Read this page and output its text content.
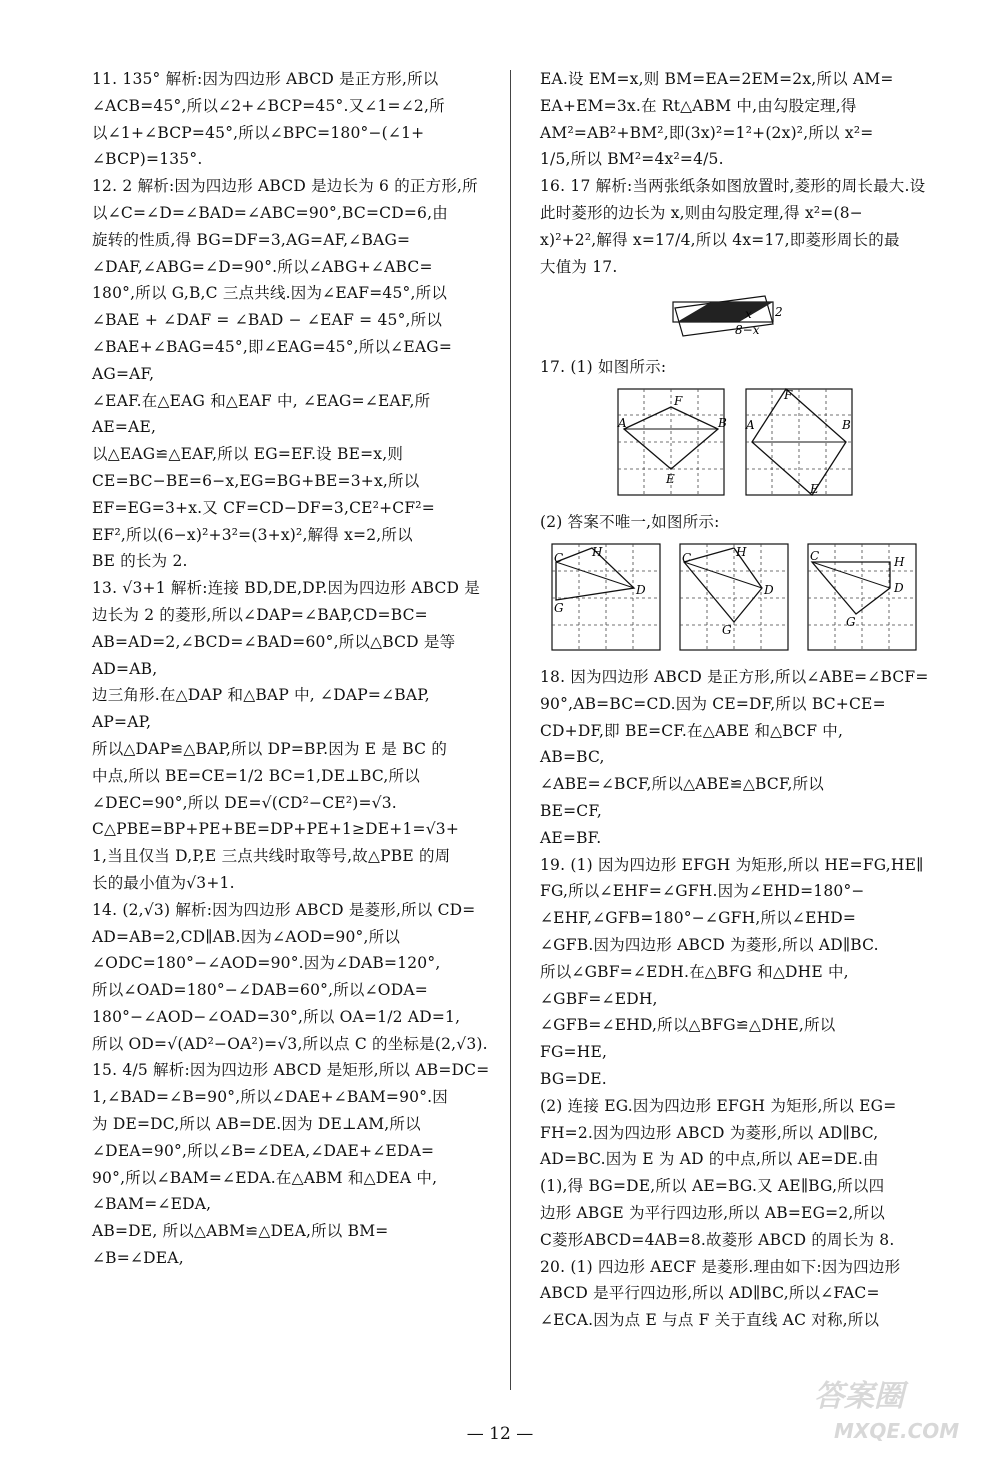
11. 135° 解析:因为四边形 ABCD 是正方形,所以
∠ACB=45°,所以∠2+∠BCP=45°.又∠1=∠2,所
以∠1+∠BCP=45°,所以∠BPC=180°−(∠1+
∠BCP)=135°.
12. 2 解析:因为四边形 ABCD 是边长为 6 的正方形,所
以∠C=∠D=∠BAD=∠ABC=90°,BC=CD=6,由
旋转的性质,得 BG=DF=3,AG=AF,∠BAG=
∠DAF,∠ABG=∠D=90°.所以∠ABG+∠ABC=
180°,所以 G,B,C 三点共线.因为∠EAF=45°,所以
∠BAE + ∠DAF = ∠BAD − ∠EAF = 45°,所以
∠BAE+∠BAG=45°,即∠EAG=45°,所以∠EAG=
AG=AF,
∠EAF.在△EAG 和△EAF 中, ∠EAG=∠EAF,所
AE=AE,
以△EAG≌△EAF,所以 EG=EF.设 BE=x,则
CE=BC−BE=6−x,EG=BG+BE=3+x,所以
EF=EG=3+x.又 CF=CD−DF=3,CE²+CF²=
EF²,所以(6−x)²+3²=(3+x)²,解得 x=2,所以
BE 的长为 2.
13. √3+1 解析:连接 BD,DE,DP.因为四边形 ABCD 是
边长为 2 的菱形,所以∠DAP=∠BAP,CD=BC=
AB=AD=2,∠BCD=∠BAD=60°,所以△BCD 是等
AD=AB,
边三角形.在△DAP 和△BAP 中, ∠DAP=∠BAP,
AP=AP,
所以△DAP≌△BAP,所以 DP=BP.因为 E 是 BC 的
中点,所以 BE=CE=1/2 BC=1,DE⊥BC,所以
∠DEC=90°,所以 DE=√(CD²−CE²)=√3.
C△PBE=BP+PE+BE=DP+PE+1≥DE+1=√3+
1,当且仅当 D,P,E 三点共线时取等号,故△PBE 的周
长的最小值为√3+1.
14. (2,√3) 解析:因为四边形 ABCD 是菱形,所以 CD=
AD=AB=2,CD∥AB.因为∠AOD=90°,所以
∠ODC=180°−∠AOD=90°.因为∠DAB=120°,
所以∠OAD=180°−∠DAB=60°,所以∠ODA=
180°−∠AOD−∠OAD=30°,所以 OA=1/2 AD=1,
所以 OD=√(AD²−OA²)=√3,所以点 C 的坐标是(2,√3).
15. 4/5 解析:因为四边形 ABCD 是矩形,所以 AB=DC=
1,∠BAD=∠B=90°,所以∠DAE+∠BAM=90°.因
为 DE=DC,所以 AB=DE.因为 DE⊥AM,所以
∠DEA=90°,所以∠B=∠DEA,∠DAE+∠EDA=
90°,所以∠BAM=∠EDA.在△ABM 和△DEA 中,
∠BAM=∠EDA,
AB=DE, 所以△ABM≌△DEA,所以 BM=
∠B=∠DEA,
EA.设 EM=x,则 BM=EA=2EM=2x,所以 AM=
EA+EM=3x.在 Rt△ABM 中,由勾股定理,得
AM²=AB²+BM²,即(3x)²=1²+(2x)²,所以 x²=
1/5,所以 BM²=4x²=4/5.
16. 17 解析:当两张纸条如图放置时,菱形的周长最大.设
此时菱形的边长为 x,则由勾股定理,得 x²=(8−
x)²+2²,解得 x=17/4,所以 4x=17,即菱形周长的最
大值为 17.
x
8−x
2
17. (1) 如图所示:
A	B
E
F
A	B
E
F
(2) 答案不唯一,如图所示:
C H
D
G
C	H
D
G
C	H
D
G
18. 因为四边形 ABCD 是正方形,所以∠ABE=∠BCF=
90°,AB=BC=CD.因为 CE=DF,所以 BC+CE=
CD+DF,即 BE=CF.在△ABE 和△BCF 中,
AB=BC,
∠ABE=∠BCF,所以△ABE≌△BCF,所以
BE=CF,
AE=BF.
19. (1) 因为四边形 EFGH 为矩形,所以 HE=FG,HE∥
FG,所以∠EHF=∠GFH.因为∠EHD=180°−
∠EHF,∠GFB=180°−∠GFH,所以∠EHD=
∠GFB.因为四边形 ABCD 为菱形,所以 AD∥BC.
所以∠GBF=∠EDH.在△BFG 和△DHE 中,
∠GBF=∠EDH,
∠GFB=∠EHD,所以△BFG≌△DHE,所以
FG=HE,
BG=DE.
(2) 连接 EG.因为四边形 EFGH 为矩形,所以 EG=
FH=2.因为四边形 ABCD 为菱形,所以 AD∥BC,
AD=BC.因为 E 为 AD 的中点,所以 AE=DE.由
(1),得 BG=DE,所以 AE=BG.又 AE∥BG,所以四
边形 ABGE 为平行四边形,所以 AB=EG=2,所以
C菱形ABCD=4AB=8.故菱形 ABCD 的周长为 8.
20. (1) 四边形 AECF 是菱形.理由如下:因为四边形
ABCD 是平行四边形,所以 AD∥BC,所以∠FAC=
∠ECA.因为点 E 与点 F 关于直线 AC 对称,所以
— 12 —
答案圈
MXQE.COM
